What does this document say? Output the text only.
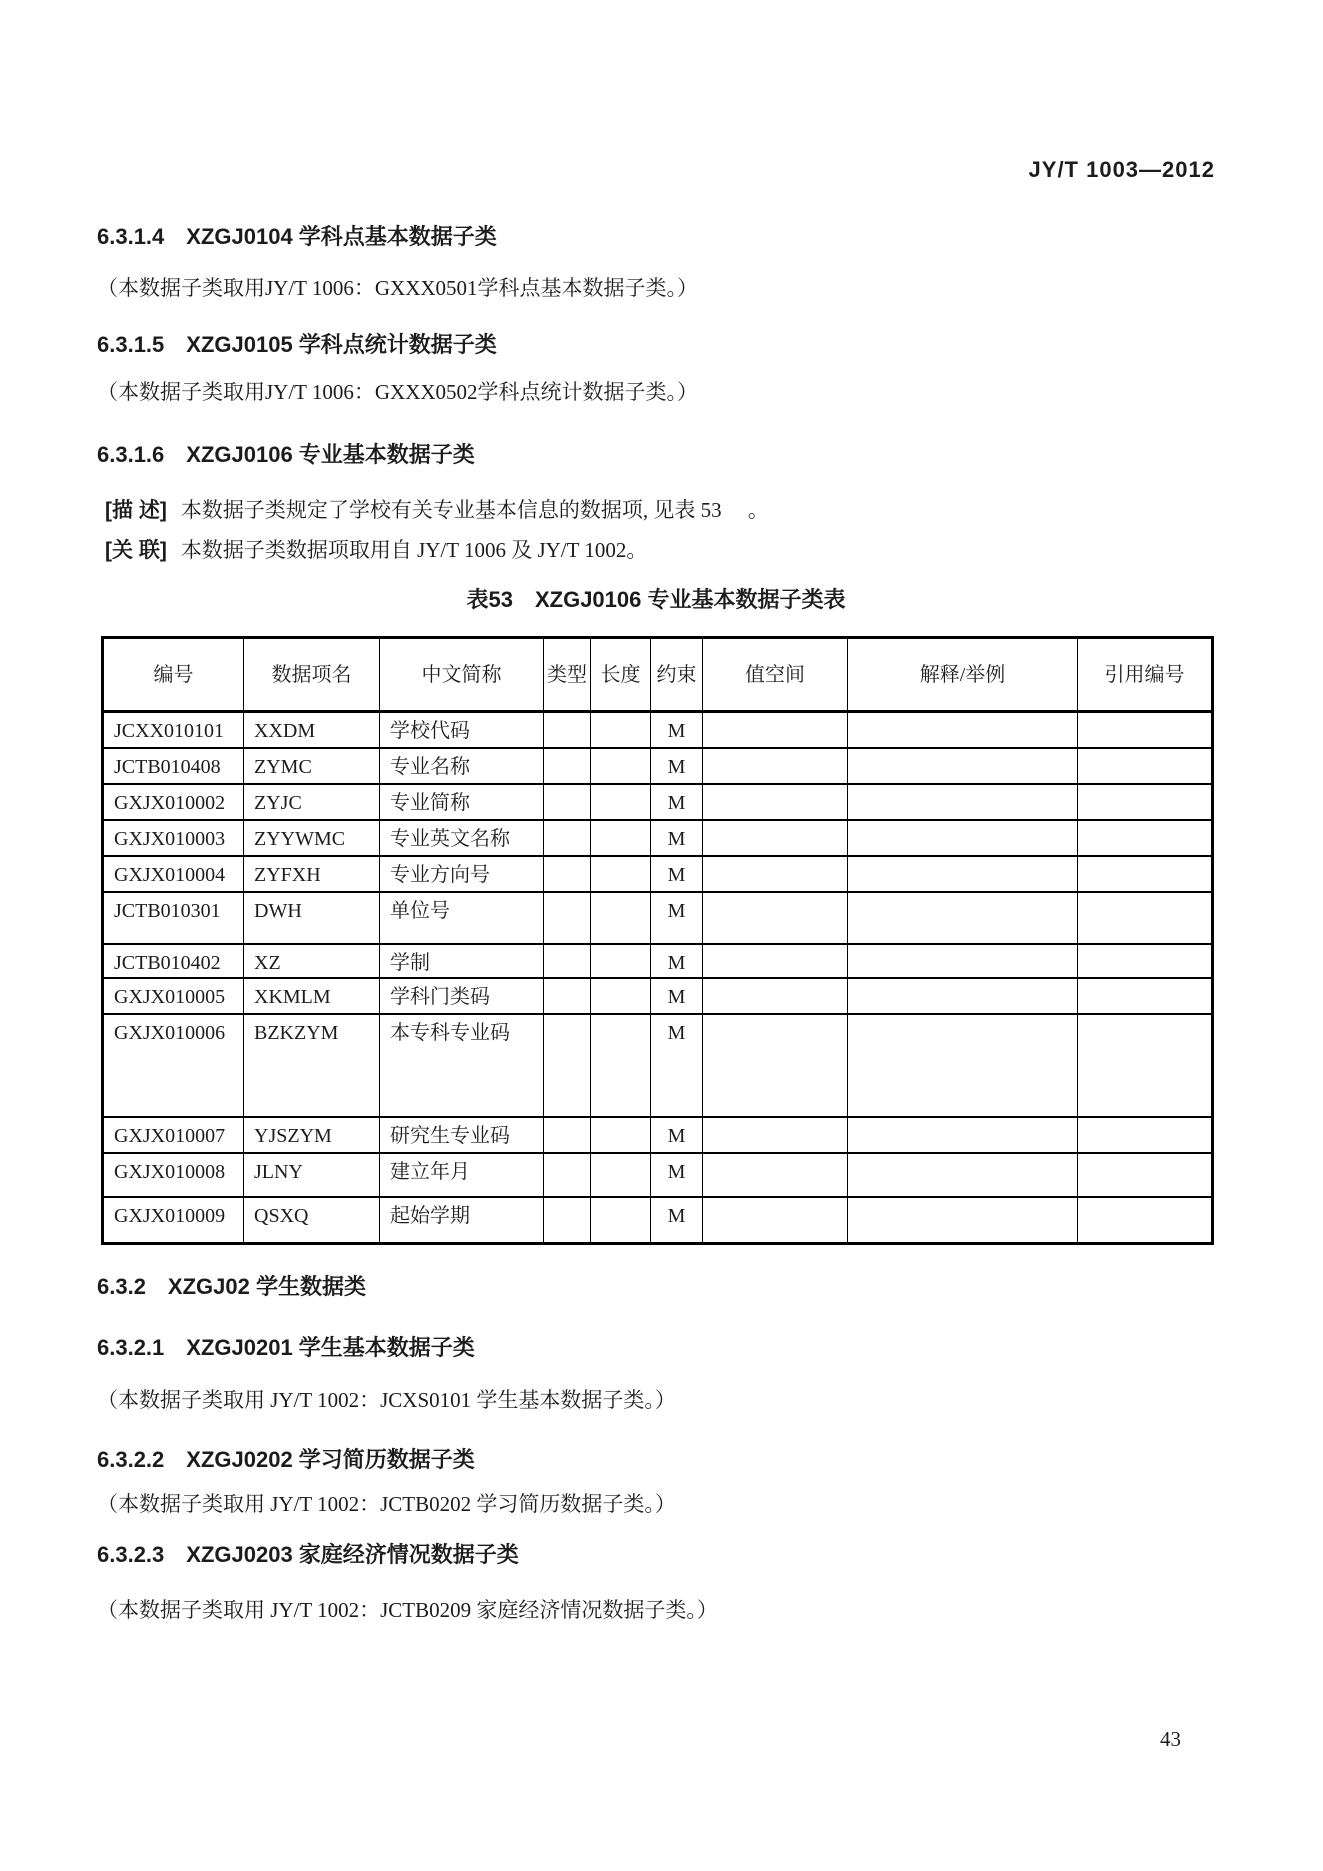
JY/T 1003—2012
6.3.1.4　XZGJ0104 学科点基本数据子类

（本数据子类取用JY/T 1006：GXXX0501学科点基本数据子类。）

6.3.1.5　XZGJ0105 学科点统计数据子类

（本数据子类取用JY/T 1006：GXXX0502学科点统计数据子类。）

6.3.1.6　XZGJ0106 专业基本数据子类
[描 述] 本数据子类规定了学校有关专业基本信息的数据项, 见表 53 　。
[关 联] 本数据子类数据项取用自 JY/T 1006 及 JY/T 1002。
表53　XZGJ0106 专业基本数据子类表
编号	数据项名	中文简称	类型	长度	约束	值空间	解释/举例	引用编号
JCXX010101	XXDM	学校代码			M			
JCTB010408	ZYMC	专业名称			M			
GXJX010002	ZYJC	专业简称			M			
GXJX010003	ZYYWMC	专业英文名称			M			
GXJX010004	ZYFXH	专业方向号			M			
JCTB010301	DWH	单位号			M			
JCTB010402	XZ	学制			M			
GXJX010005	XKMLM	学科门类码			M			
GXJX010006	BZKZYM	本专科专业码			M			
GXJX010007	YJSZYM	研究生专业码			M			
GXJX010008	JLNY	建立年月			M			
GXJX010009	QSXQ	起始学期			M			
6.3.2　XZGJ02 学生数据类
6.3.2.1　XZGJ0201 学生基本数据子类

（本数据子类取用 JY/T 1002：JCXS0101 学生基本数据子类。）

6.3.2.2　XZGJ0202 学习简历数据子类

（本数据子类取用 JY/T 1002：JCTB0202 学习简历数据子类。）

6.3.2.3　XZGJ0203 家庭经济情况数据子类

（本数据子类取用 JY/T 1002：JCTB0209 家庭经济情况数据子类。）

43
